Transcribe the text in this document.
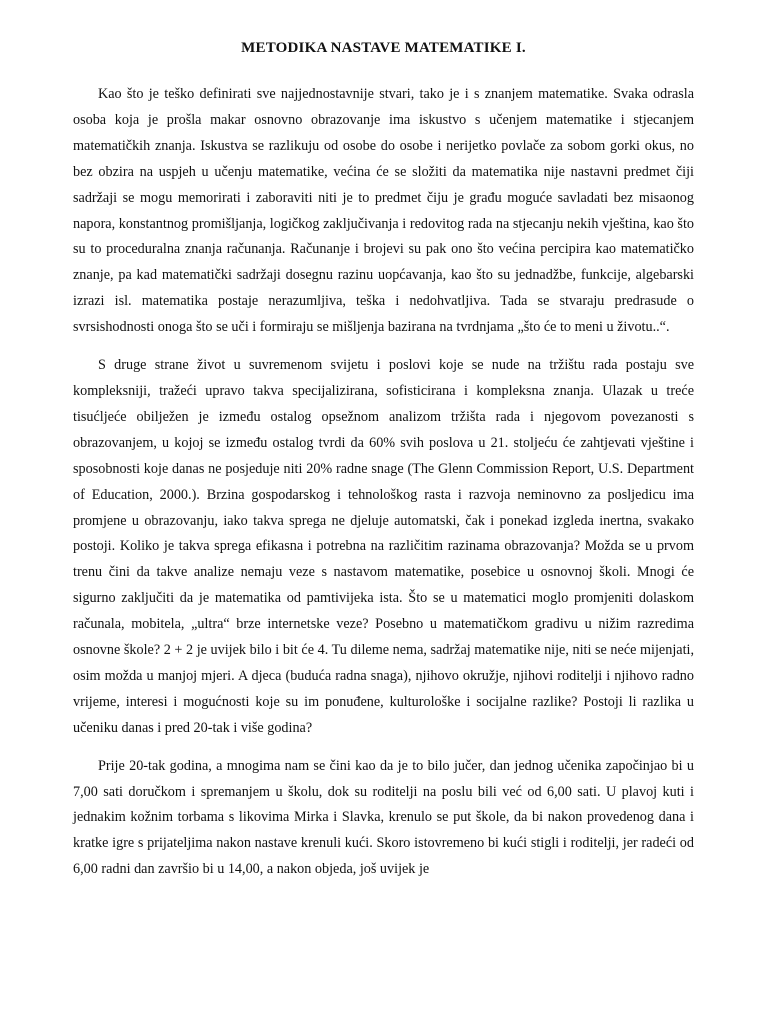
METODIKA NASTAVE MATEMATIKE I.

Kao što je teško definirati sve najjednostavnije stvari, tako je i s znanjem matematike. Svaka odrasla osoba koja je prošla makar osnovno obrazovanje ima iskustvo s učenjem matematike i stjecanjem matematičkih znanja. Iskustva se razlikuju od osobe do osobe i nerijetko povlače za sobom gorki okus, no bez obzira na uspjeh u učenju matematike, većina će se složiti da matematika nije nastavni predmet čiji sadržaji se mogu memorirati i zaboraviti niti je to predmet čiju je građu moguće savladati bez misaonog napora, konstantnog promišljanja, logičkog zaključivanja i redovitog rada na stjecanju nekih vještina, kao što su to proceduralna znanja računanja. Računanje i brojevi su pak ono što većina percipira kao matematičko znanje, pa kad matematički sadržaji dosegnu razinu uopćavanja, kao što su jednadžbe, funkcije, algebarski izrazi isl. matematika postaje nerazumljiva, teška i nedohvatljiva. Tada se stvaraju predrasude o svrsishodnosti onoga što se uči i formiraju se mišljenja bazirana na tvrdnjama „što će to meni u životu..“.

S druge strane život u suvremenom svijetu i poslovi koje se nude na tržištu rada postaju sve kompleksniji, tražeći upravo takva specijalizirana, sofisticirana i kompleksna znanja. Ulazak u treće tisućljeće obilježen je između ostalog opsežnom analizom tržišta rada i njegovom povezanosti s obrazovanjem, u kojoj se između ostalog tvrdi da 60% svih poslova u 21. stoljeću će zahtjevati vještine i sposobnosti koje danas ne posjeduje niti 20% radne snage (The Glenn Commission Report, U.S. Department of Education, 2000.). Brzina gospodarskog i tehnološkog rasta i razvoja neminovno za posljedicu ima promjene u obrazovanju, iako takva sprega ne djeluje automatski, čak i ponekad izgleda inertna, svakako postoji. Koliko je takva sprega efikasna i potrebna na različitim razinama obrazovanja? Možda se u prvom trenu čini da takve analize nemaju veze s nastavom matematike, posebice u osnovnoj školi. Mnogi će sigurno zaključiti da je matematika od pamtivijeka ista. Što se u matematici moglo promjeniti dolaskom računala, mobitela, „ultra“ brze internetske veze? Posebno u matematičkom gradivu u nižim razredima osnovne škole? 2 + 2 je uvijek bilo i bit će 4. Tu dileme nema, sadržaj matematike nije, niti se neće mijenjati, osim možda u manjoj mjeri. A djeca (buduća radna snaga), njihovo okružje, njihovi roditelji i njihovo radno vrijeme, interesi i mogućnosti koje su im ponuđene, kulturološke i socijalne razlike? Postoji li razlika u učeniku danas i pred 20-tak i više godina?

Prije 20-tak godina, a mnogima nam se čini kao da je to bilo jučer, dan jednog učenika započinjao bi u 7,00 sati doručkom i spremanjem u školu, dok su roditelji na poslu bili već od 6,00 sati. U plavoj kuti i jednakim kožnim torbama s likovima Mirka i Slavka, krenulo se put škole, da bi nakon provedenog dana i kratke igre s prijateljima nakon nastave krenuli kući. Skoro istovremeno bi kući stigli i roditelji, jer radeći od 6,00 radni dan završio bi u 14,00, a nakon objeda, još uvijek je
